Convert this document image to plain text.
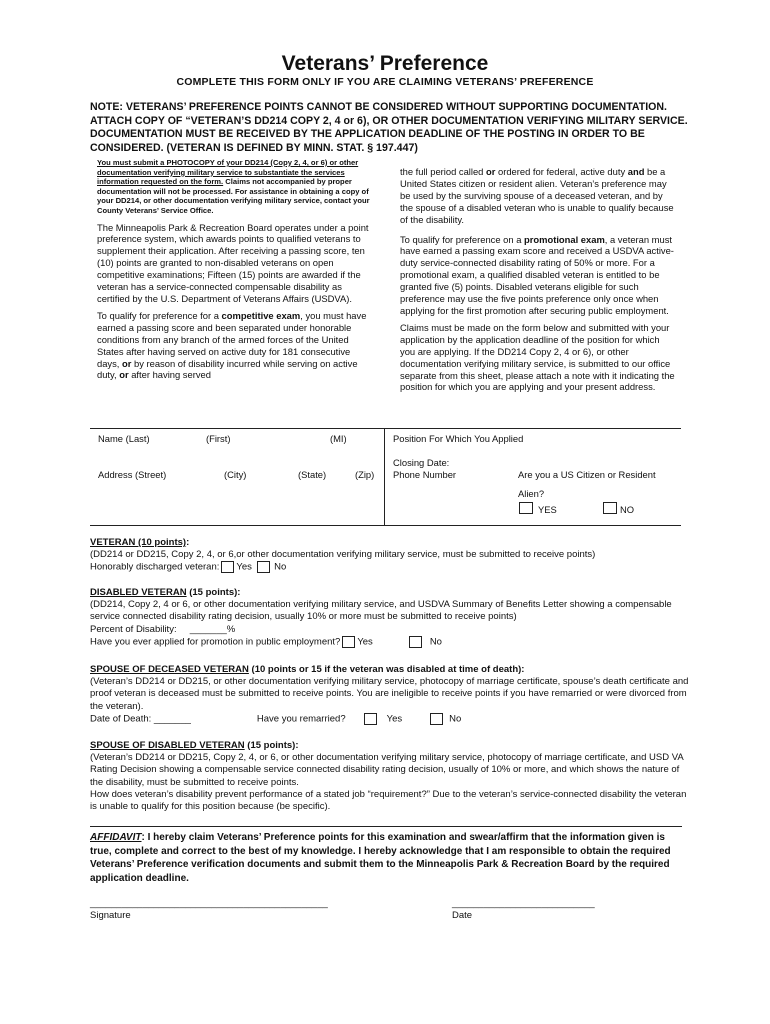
Veterans’ Preference
COMPLETE THIS FORM ONLY IF YOU ARE CLAIMING VETERANS’ PREFERENCE
NOTE: VETERANS’ PREFERENCE POINTS CANNOT BE CONSIDERED WITHOUT SUPPORTING DOCUMENTATION. ATTACH COPY OF “VETERAN’S DD214 COPY 2, 4 or 6), OR OTHER DOCUMENTATION VERIFYING MILITARY SERVICE. DOCUMENTATION MUST BE RECEIVED BY THE APPLICATION DEADLINE OF THE POSTING IN ORDER TO BE CONSIDERED. (VETERAN IS DEFINED BY MINN. STAT. § 197.447)

You must submit a PHOTOCOPY of your DD214 (Copy 2, 4, or 6) or other documentation verifying military service to substantiate the services information requested on the form. Claims not accompanied by proper documentation will not be processed. For assistance in obtaining a copy of your DD214, or other documentation verifying military service, contact your County Veterans’ Service Office.

The Minneapolis Park & Recreation Board operates under a point preference system, which awards points to qualified veterans to supplement their application. After receiving a passing score, ten (10) points are granted to non-disabled veterans on open competitive examinations; Fifteen (15) points are awarded if the veteran has a service-connected compensable disability as certified by the U.S. Department of Veterans Affairs (USDVA).

To qualify for preference for a competitive exam, you must have earned a passing score and been separated under honorable conditions from any branch of the armed forces of the United States after having served on active duty for 181 consecutive days, or by reason of disability incurred while serving on active duty, or after having served

the full period called or ordered for federal, active duty and be a United States citizen or resident alien. Veteran’s preference may be used by the surviving spouse of a deceased veteran, and by the spouse of a disabled veteran who is unable to qualify because of the disability.

To qualify for preference on a promotional exam, a veteran must have earned a passing exam score and received a USDVA active-duty service-connected disability rating of 50% or more. For a promotional exam, a qualified disabled veteran is entitled to be granted five (5) points. Disabled veterans eligible for such preference may use the five points preference only once when applying for the first promotion after securing public employment.

Claims must be made on the form below and submitted with your application by the application deadline of the position for which you are applying. If the DD214 Copy 2, 4 or 6), or other documentation verifying military service, is submitted to our office separate from this sheet, please attach a note with it indicating the position for which you are applying and your present address.

Name (Last)	(First)	(MI)	Position For Which You Applied
Closing Date:
Address (Street)	(City)	(State)	(Zip) Phone Number	Are you a US Citizen or Resident
Alien?
YES	NO
VETERAN (10 points):
(DD214 or DD215, Copy 2, 4, or 6,or other documentation verifying military service, must be submitted to receive points)
Honorably discharged veteran: Yes No
DISABLED VETERAN (15 points):
(DD214, Copy 2, 4 or 6, or other documentation verifying military service, and USDVA Summary of Benefits Letter showing a compensable service connected disability rating decision, usually 10% or more must be submitted to receive points)
Percent of Disability:     _______%
Have you ever applied for promotion in public employment? Yes	No
SPOUSE OF DECEASED VETERAN (10 points or 15 if the veteran was disabled at time of death):
(Veteran’s DD214 or DD215, or other documentation verifying military service, photocopy of marriage certificate, spouse’s death certificate and proof veteran is deceased must be submitted to receive points. You are ineligible to receive points if you have remarried or were divorced from the veteran).
Date of Death: _______	Have you remarried?	Yes	No
SPOUSE OF DISABLED VETERAN (15 points):
(Veteran’s DD214 or DD215, Copy 2, 4, or 6, or other documentation verifying military service, photocopy of marriage certificate, and USD VA Rating Decision showing a compensable service connected disability rating decision, usually of 10% or more, and which shows the nature of the disability, must be submitted to receive points.
How does veteran’s disability prevent performance of a stated job “requirement?” Due to the veteran’s service-connected disability the veteran is unable to qualify for this position because (be specific).
AFFIDAVIT: I hereby claim Veterans’ Preference points for this examination and swear/affirm that the information given is true, complete and correct to the best of my knowledge. I hereby acknowledge that I am responsible to obtain the required Veterans’ Preference verification documents and submit them to the Minneapolis Park & Recreation Board by the required application deadline.
_____________________________________________
Signature
___________________________
Date
